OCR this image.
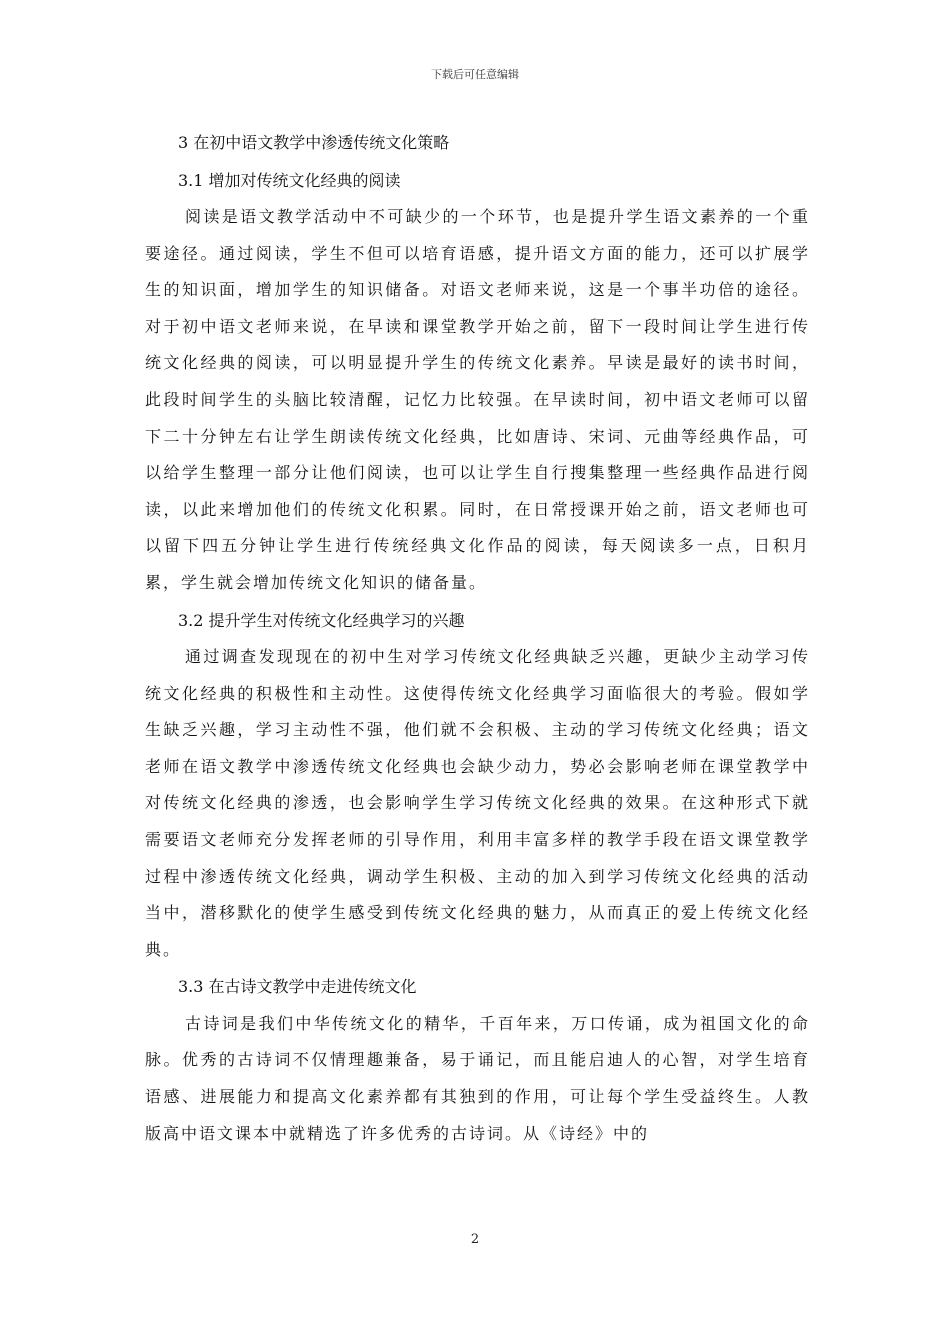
下载后可任意编辑
3 在初中语文教学中渗透传统文化策略
3.1 增加对传统文化经典的阅读

阅读是语文教学活动中不可缺少的一个环节，也是提升学生语文素养的一个重要途径。通过阅读，学生不但可以培育语感，提升语文方面的能力，还可以扩展学生的知识面，增加学生的知识储备。对语文老师来说，这是一个事半功倍的途径。对于初中语文老师来说，在早读和课堂教学开始之前，留下一段时间让学生进行传统文化经典的阅读，可以明显提升学生的传统文化素养。早读是最好的读书时间，此段时间学生的头脑比较清醒，记忆力比较强。在早读时间，初中语文老师可以留下二十分钟左右让学生朗读传统文化经典，比如唐诗、宋词、元曲等经典作品，可以给学生整理一部分让他们阅读，也可以让学生自行搜集整理一些经典作品进行阅读，以此来增加他们的传统文化积累。同时，在日常授课开始之前，语文老师也可以留下四五分钟让学生进行传统经典文化作品的阅读，每天阅读多一点，日积月累，学生就会增加传统文化知识的储备量。

3.2 提升学生对传统文化经典学习的兴趣

通过调查发现现在的初中生对学习传统文化经典缺乏兴趣，更缺少主动学习传统文化经典的积极性和主动性。这使得传统文化经典学习面临很大的考验。假如学生缺乏兴趣，学习主动性不强，他们就不会积极、主动的学习传统文化经典；语文老师在语文教学中渗透传统文化经典也会缺少动力，势必会影响老师在课堂教学中对传统文化经典的渗透，也会影响学生学习传统文化经典的效果。在这种形式下就需要语文老师充分发挥老师的引导作用，利用丰富多样的教学手段在语文课堂教学过程中渗透传统文化经典，调动学生积极、主动的加入到学习传统文化经典的活动当中，潜移默化的使学生感受到传统文化经典的魅力，从而真正的爱上传统文化经典。

3.3 在古诗文教学中走进传统文化

古诗词是我们中华传统文化的精华，千百年来，万口传诵，成为祖国文化的命脉。优秀的古诗词不仅情理趣兼备，易于诵记，而且能启迪人的心智，对学生培育语感、进展能力和提高文化素养都有其独到的作用，可让每个学生受益终生。人教版高中语文课本中就精选了许多优秀的古诗词。从《诗经》中的

2
